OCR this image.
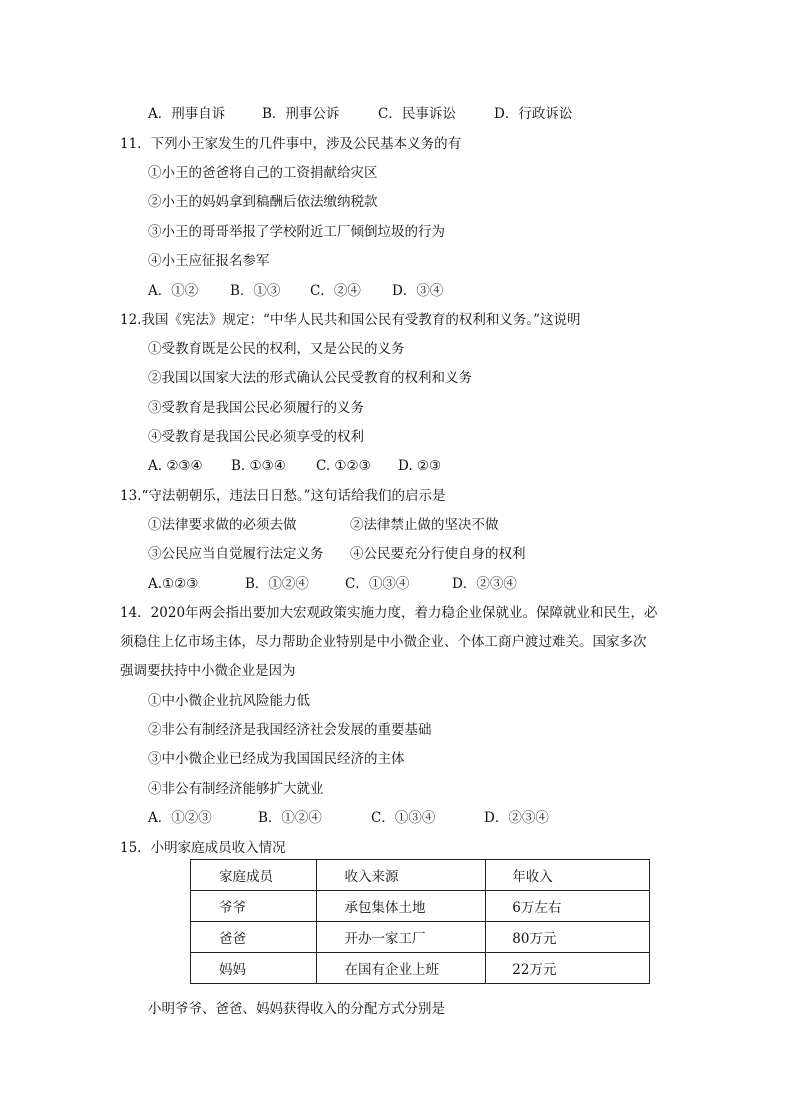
A．刑事自诉	B．刑事公诉	C．民事诉讼	D．行政诉讼
11．下列小王家发生的几件事中，涉及公民基本义务的有
①小王的爸爸将自己的工资捐献给灾区
②小王的妈妈拿到稿酬后依法缴纳税款
③小王的哥哥举报了学校附近工厂倾倒垃圾的行为
④小王应征报名参军
A．①② B．①③ C．②④ D．③④
12.我国《宪法》规定：“中华人民共和国公民有受教育的权利和义务。”这说明
①受教育既是公民的权利，又是公民的义务
②我国以国家大法的形式确认公民受教育的权利和义务
③受教育是我国公民必须履行的义务
④受教育是我国公民必须享受的权利
A. ②③④ B. ①③④ C. ①②③ D. ②③
13.“守法朝朝乐，违法日日愁。”这句话给我们的启示是
①法律要求做的必须去做	②法律禁止做的坚决不做
③公民应当自觉履行法定义务 ④公民要充分行使自身的权利
A.①②③	B．①②④	C．①③④	D．②③④
14．2020年两会指出要加大宏观政策实施力度，着力稳企业保就业。保障就业和民生，必
须稳住上亿市场主体，尽力帮助企业特别是中小微企业、个体工商户渡过难关。国家多次
强调要扶持中小微企业是因为
①中小微企业抗风险能力低
②非公有制经济是我国经济社会发展的重要基础
③中小微企业已经成为我国国民经济的主体
④非公有制经济能够扩大就业
A．①②③	B．①②④	C．①③④	D．②③④
15．小明家庭成员收入情况
家庭成员	收入来源	年收入
爷爷	承包集体土地	6万左右
爸爸	开办一家工厂	80万元
妈妈	在国有企业上班	22万元
小明爷爷、爸爸、妈妈获得收入的分配方式分别是
